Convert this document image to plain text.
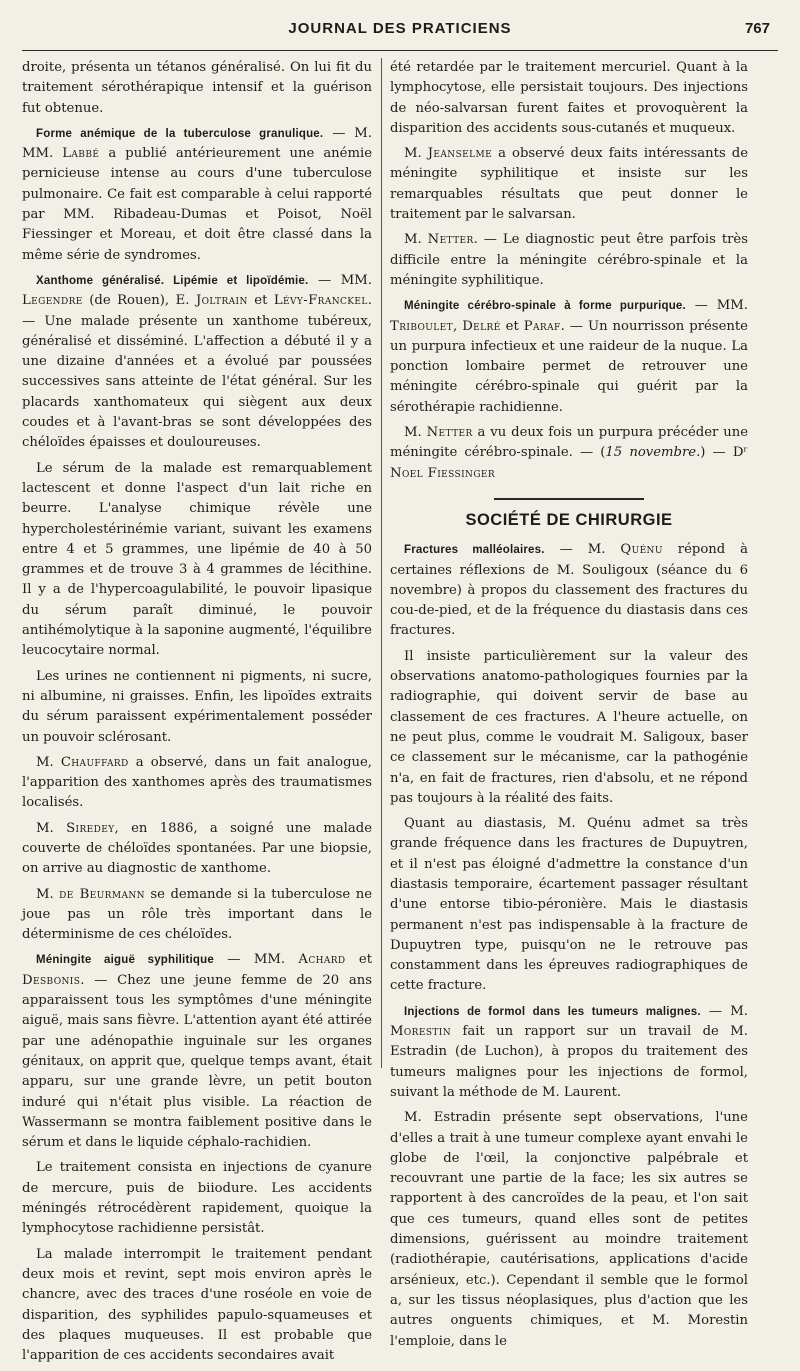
JOURNAL DES PRATICIENS	767

droite, présenta un tétanos généralisé. On lui fit du traitement sérothérapique intensif et la guérison fut obtenue.

Forme anémique de la tuberculose granulique. — M. MM. Labbé a publié antérieurement une anémie pernicieuse intense au cours d'une tuberculose pulmonaire. Ce fait est comparable à celui rapporté par MM. Ribadeau-Dumas et Poisot, Noël Fiessinger et Moreau, et doit être classé dans la même série de syndromes.

Xanthome généralisé. Lipémie et lipoïdémie. — MM. Legendre (de Rouen), E. Joltrain et Lévy-Franckel. — Une malade présente un xanthome tubéreux, généralisé et disséminé. L'affection a débuté il y a une dizaine d'années et a évolué par poussées successives sans atteinte de l'état général. Sur les placards xanthomateux qui siègent aux deux coudes et à l'avant-bras se sont développées des chéloïdes épaisses et douloureuses.

Le sérum de la malade est remarquablement lactescent et donne l'aspect d'un lait riche en beurre. L'analyse chimique révèle une hypercholestérinémie variant, suivant les examens entre 4 et 5 grammes, une lipémie de 40 à 50 grammes et de trouve 3 à 4 grammes de lécithine. Il y a de l'hypercoagulabilité, le pouvoir lipasique du sérum paraît diminué, le pouvoir antihémolytique à la saponine augmenté, l'équilibre leucocytaire normal.

Les urines ne contiennent ni pigments, ni sucre, ni albumine, ni graisses. Enfin, les lipoïdes extraits du sérum paraissent expérimentalement posséder un pouvoir sclérosant.

M. Chauffard a observé, dans un fait analogue, l'apparition des xanthomes après des traumatismes localisés.

M. Siredey, en 1886, a soigné une malade couverte de chéloïdes spontanées. Par une biopsie, on arrive au diagnostic de xanthome.

M. de Beurmann se demande si la tuberculose ne joue pas un rôle très important dans le déterminisme de ces chéloïdes.

Méningite aiguë syphilitique — MM. Achard et Desbonis. — Chez une jeune femme de 20 ans apparaissent tous les symptômes d'une méningite aiguë, mais sans fièvre. L'attention ayant été attirée par une adénopathie inguinale sur les organes génitaux, on apprit que, quelque temps avant, était apparu, sur une grande lèvre, un petit bouton induré qui n'était plus visible. La réaction de Wassermann se montra faiblement positive dans le sérum et dans le liquide céphalo-rachidien.

Le traitement consista en injections de cyanure de mercure, puis de biiodure. Les accidents méningés rétrocédèrent rapidement, quoique la lymphocytose rachidienne persistât.

La malade interrompit le traitement pendant deux mois et revint, sept mois environ après le chancre, avec des traces d'une roséole en voie de disparition, des syphilides papulo-squameuses et des plaques muqueuses. Il est probable que l'apparition de ces accidents secondaires avait

été retardée par le traitement mercuriel. Quant à la lymphocytose, elle persistait toujours. Des injections de néo-salvarsan furent faites et provoquèrent la disparition des accidents sous-cutanés et muqueux.

M. Jeanselme a observé deux faits intéressants de méningite syphilitique et insiste sur les remarquables résultats que peut donner le traitement par le salvarsan.

M. Netter. — Le diagnostic peut être parfois très difficile entre la méningite cérébro-spinale et la méningite syphilitique.

Méningite cérébro-spinale à forme purpurique. — MM. Triboulet, Delré et Paraf. — Un nourrisson présente un purpura infectieux et une raideur de la nuque. La ponction lombaire permet de retrouver une méningite cérébro-spinale qui guérit par la sérothérapie rachidienne.

M. Netter a vu deux fois un purpura précéder une méningite cérébro-spinale. — (15 novembre.) — Dʳ Noel Fiessinger

SOCIÉTÉ DE CHIRURGIE

Fractures malléolaires. — M. Quénu répond à certaines réflexions de M. Souligoux (séance du 6 novembre) à propos du classement des fractures du cou-de-pied, et de la fréquence du diastasis dans ces fractures.

Il insiste particulièrement sur la valeur des observations anatomo-pathologiques fournies par la radiographie, qui doivent servir de base au classement de ces fractures. A l'heure actuelle, on ne peut plus, comme le voudrait M. Saligoux, baser ce classement sur le mécanisme, car la pathogénie n'a, en fait de fractures, rien d'absolu, et ne répond pas toujours à la réalité des faits.

Quant au diastasis, M. Quénu admet sa très grande fréquence dans les fractures de Dupuytren, et il n'est pas éloigné d'admettre la constance d'un diastasis temporaire, écartement passager résultant d'une entorse tibio-péronière. Mais le diastasis permanent n'est pas indispensable à la fracture de Dupuytren type, puisqu'on ne le retrouve pas constamment dans les épreuves radiographiques de cette fracture.

Injections de formol dans les tumeurs malignes. — M. Morestin fait un rapport sur un travail de M. Estradin (de Luchon), à propos du traitement des tumeurs malignes pour les injections de formol, suivant la méthode de M. Laurent.

M. Estradin présente sept observations, l'une d'elles a trait à une tumeur complexe ayant envahi le globe de l'œil, la conjonctive palpébrale et recouvrant une partie de la face; les six autres se rapportent à des cancroïdes de la peau, et l'on sait que ces tumeurs, quand elles sont de petites dimensions, guérissent au moindre traitement (radiothérapie, cautérisations, applications d'acide arsénieux, etc.). Cependant il semble que le formol a, sur les tissus néoplasiques, plus d'action que les autres onguents chimiques, et M. Morestin l'emploie, dans le
